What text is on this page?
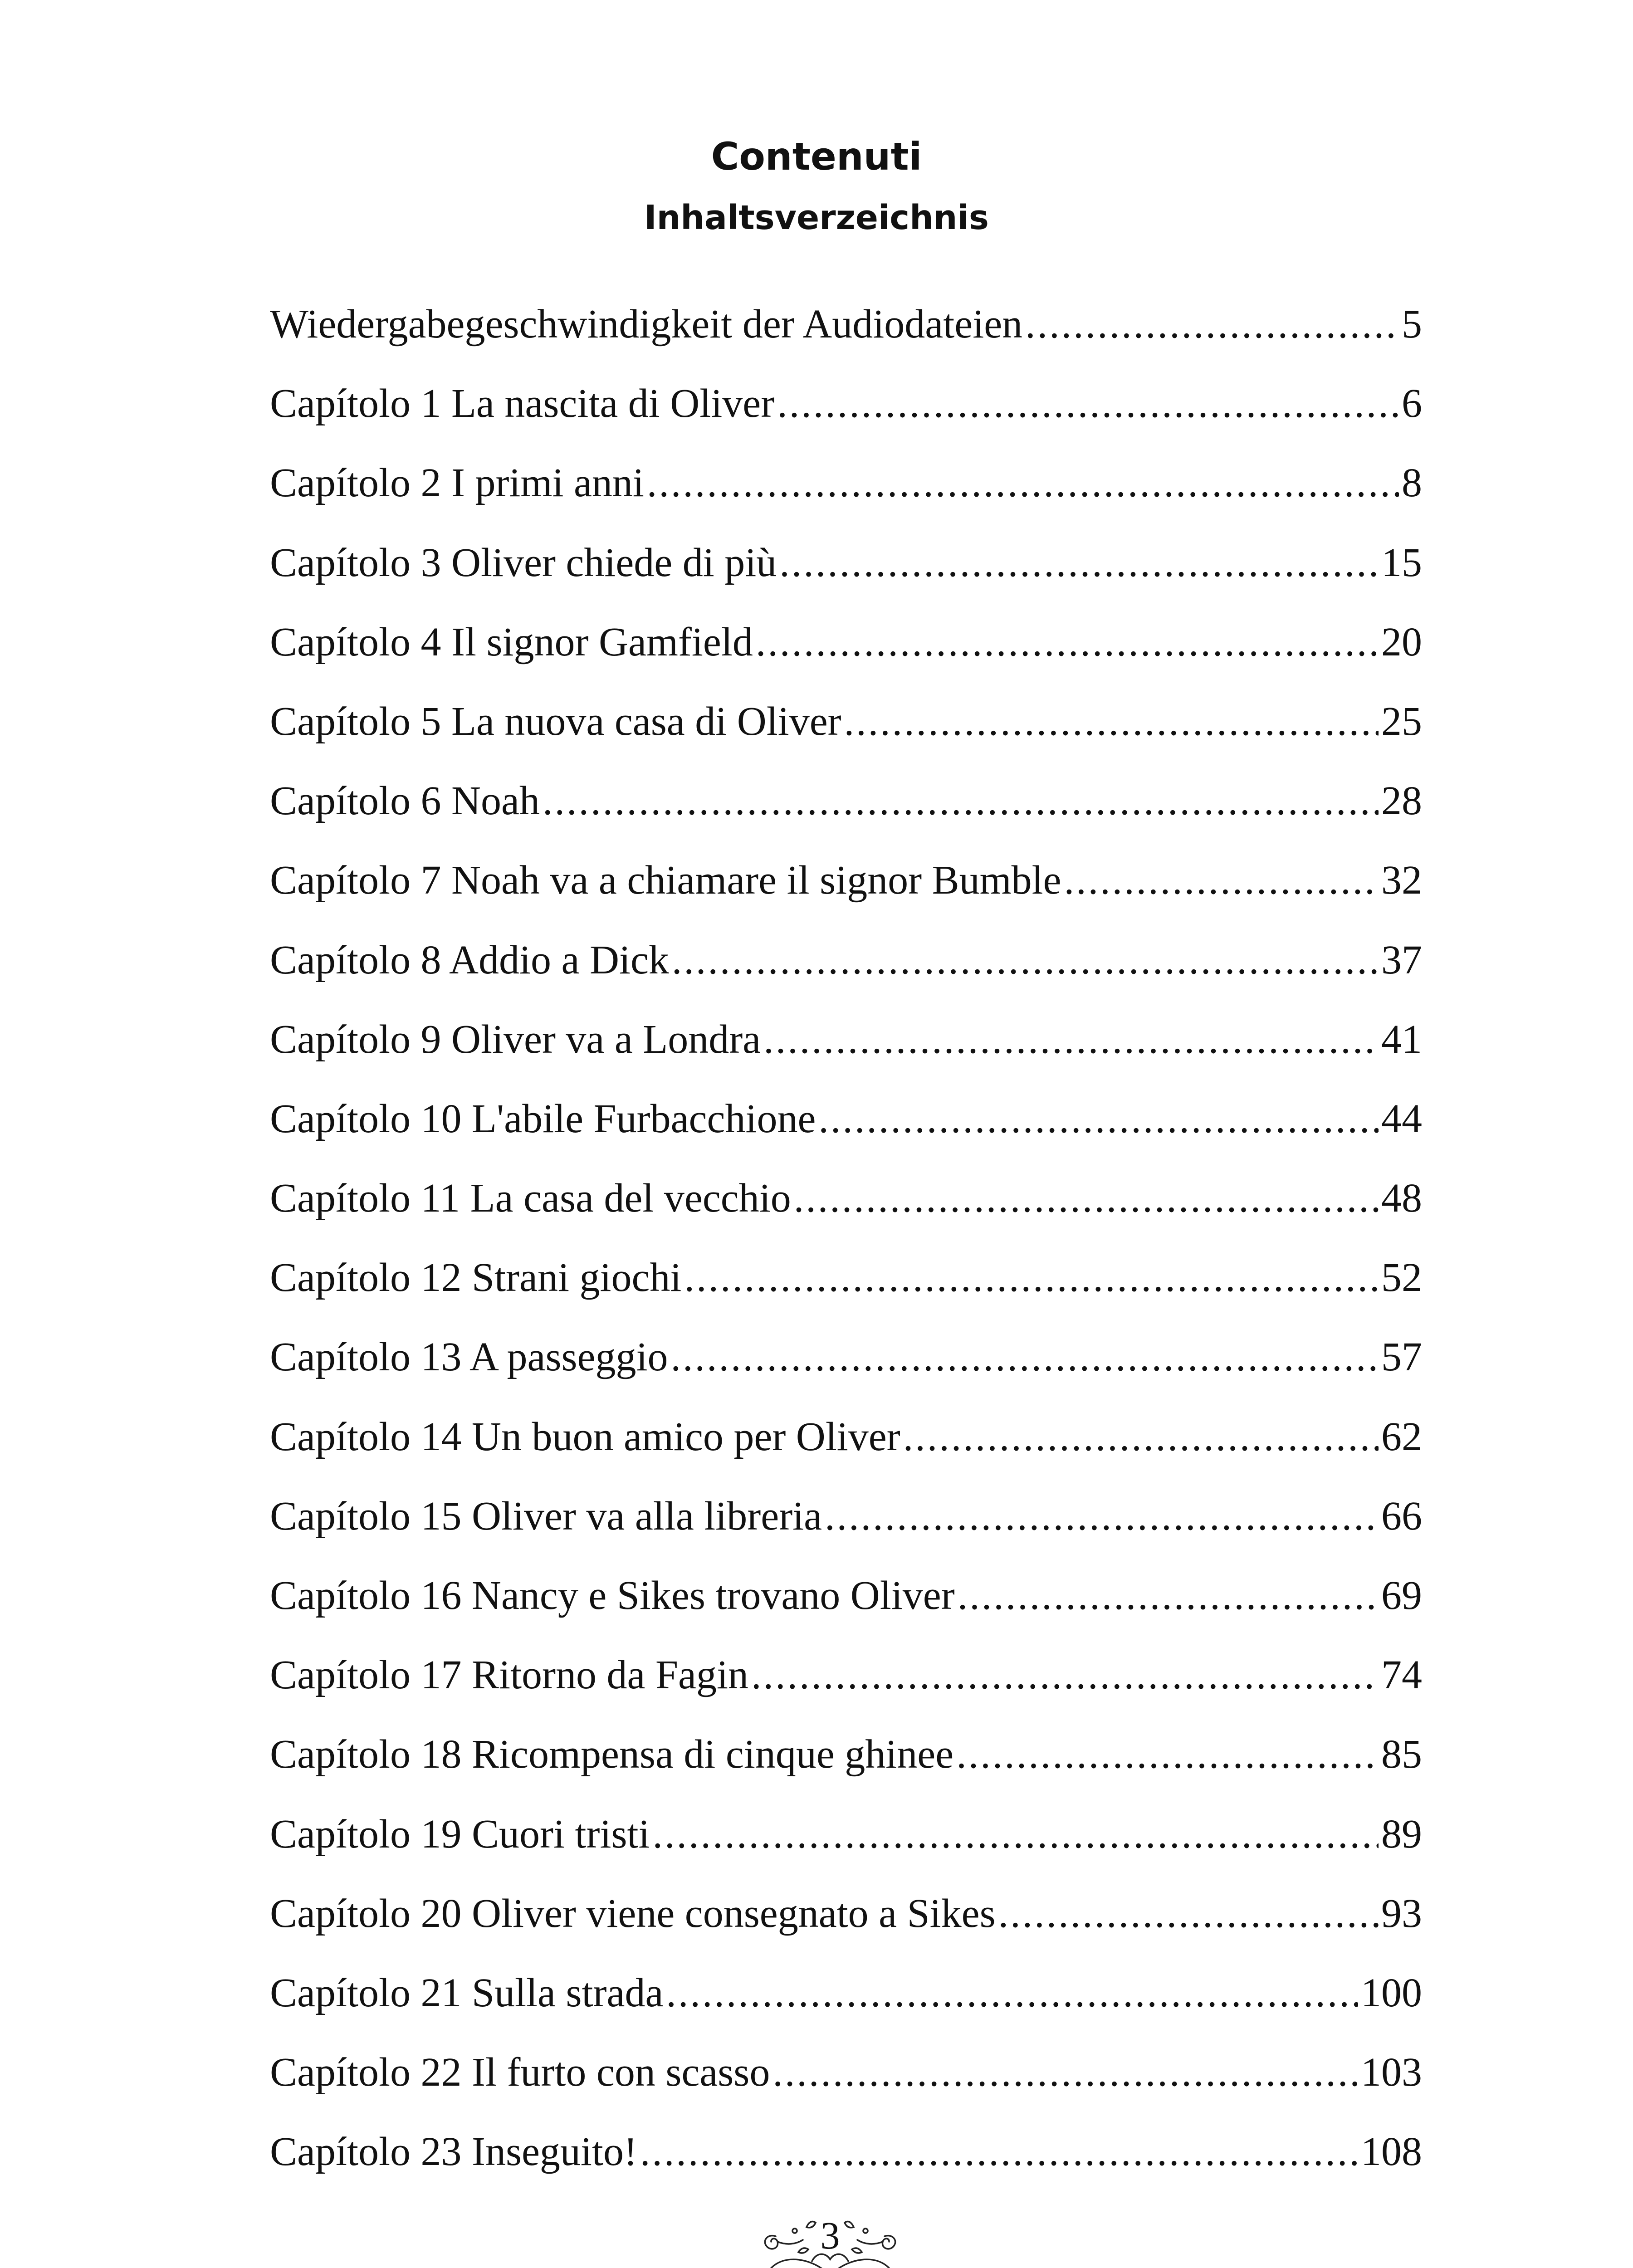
Contenuti
Inhaltsverzeichnis
Wiedergabegeschwindigkeit der Audiodateien .....	5
Capítolo 1 La nascita di Oliver .....	6
Capítolo 2 I primi anni .....	8
Capítolo 3 Oliver chiede di più .....	15
Capítolo 4 Il signor Gamfield .....	20
Capítolo 5 La nuova casa di Oliver .....	25
Capítolo 6 Noah .....	28
Capítolo 7 Noah va a chiamare il signor Bumble .....	32
Capítolo 8 Addio a Dick .....	37
Capítolo 9 Oliver va a Londra .....	41
Capítolo 10 L'abile Furbacchione .....	44
Capítolo 11 La casa del vecchio .....	48
Capítolo 12 Strani giochi .....	52
Capítolo 13 A passeggio .....	57
Capítolo 14 Un buon amico per Oliver .....	62
Capítolo 15 Oliver va alla libreria .....	66
Capítolo 16 Nancy e Sikes trovano Oliver .....	69
Capítolo 17 Ritorno da Fagin .....	74
Capítolo 18 Ricompensa di cinque ghinee .....	85
Capítolo 19 Cuori tristi .....	89
Capítolo 20 Oliver viene consegnato a Sikes .....	93
Capítolo 21 Sulla strada .....	100
Capítolo 22 Il furto con scasso .....	103
Capítolo 23 Inseguito! .....	108
3
